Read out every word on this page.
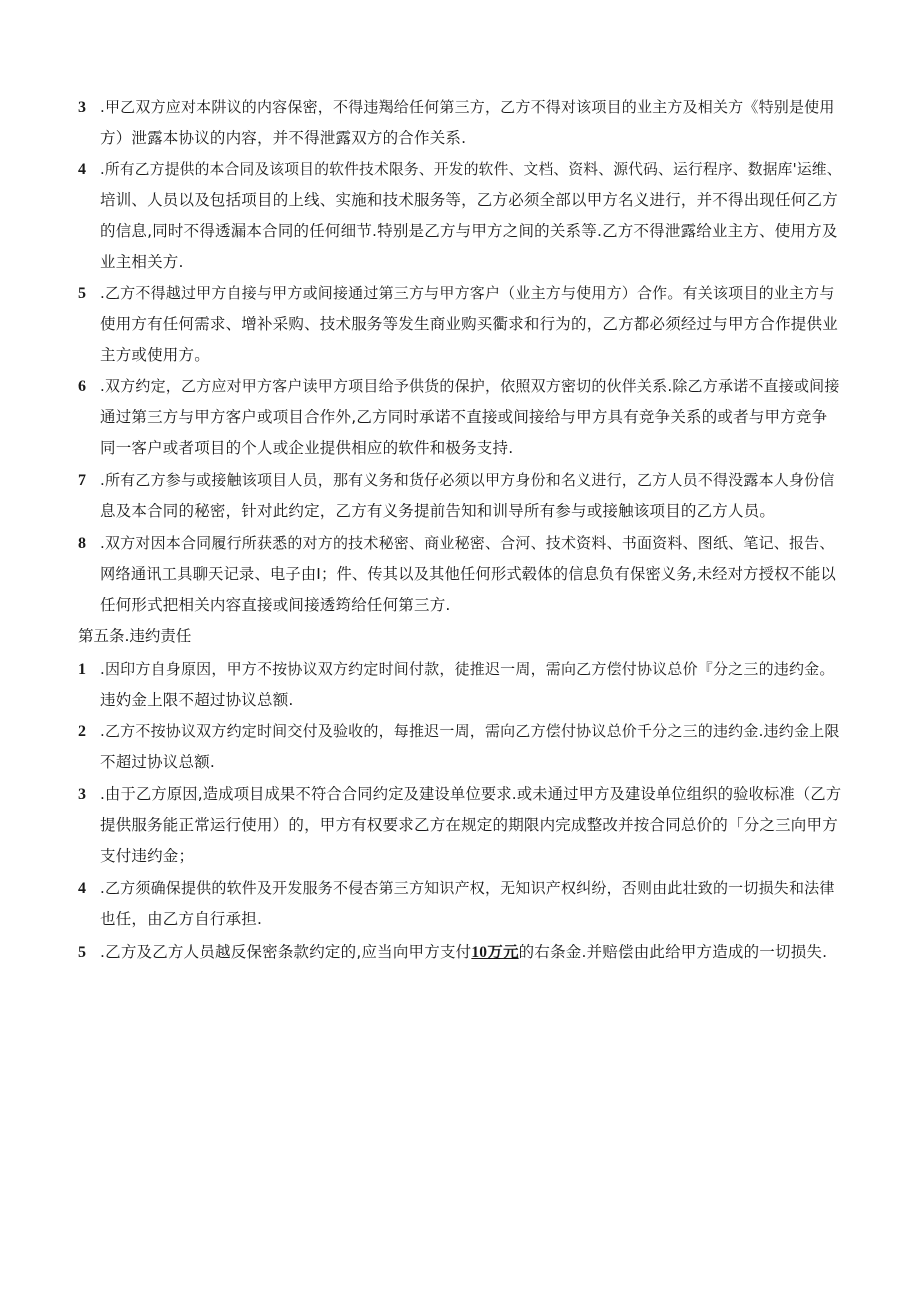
3 .甲乙双方应对本阱议的内容保密，不得违羯给任何第三方，乙方不得对该项目的业主方及相关方《特别是使用
方）泄露本协议的内容，并不得泄露双方的合作关系.
4 .所有乙方提供的本合同及该项目的软件技术限务、开发的软件、文档、资料、源代码、运行程序、数据库'运维、
培训、人员以及包括项目的上线、实施和技术服务等，乙方必须全部以甲方名义进行，并不得出现任何乙方
的信息,同时不得透漏本合同的任何细节.特别是乙方与甲方之间的关系等.乙方不得泄露给业主方、使用方及
业主相关方.
5 .乙方不得越过甲方自接与甲方或间接通过第三方与甲方客户（业主方与使用方）合作。有关该项目的业主方与
使用方有任何需求、增补采购、技术服务等发生商业购买衢求和行为的，乙方都必须经过与甲方合作提供业
主方或使用方。
6 .双方约定，乙方应对甲方客户读甲方项目给予供货的保护，依照双方密切的伙伴关系.除乙方承诺不直接或间接
通过第三方与甲方客户或项目合作外,乙方同时承诺不直接或间接给与甲方具有竞争关系的或者与甲方竞争
同一客户或者项目的个人或企业提供相应的软件和极务支持.
7 .所有乙方参与或接触该项目人员，那有义务和货仔必须以甲方身份和名义进行，乙方人员不得没露本人身份信
息及本合同的秘密，针对此约定，乙方有义务提前告知和训导所有参与或接触该项目的乙方人员。
8 .双方对因本合同履行所获悉的对方的技术秘密、商业秘密、合河、技术资料、书面资料、图纸、笔记、报告、
网络通讯工具聊天记录、电子由I；件、传其以及其他任何形式毂体的信息负有保密义务,未经对方授权不能以
任何形式把相关内容直接或间接透筠给任何第三方.
第五条.违约责任
1 .因印方自身原因，甲方不按协议双方约定时间付款，徒推迟一周，需向乙方偿付协议总价『分之三的违约金。
违妁金上限不超过协议总额.
2 .乙方不按协议双方约定时间交付及验收的，每推迟一周，需向乙方偿付协议总价千分之三的违约金.违约金上限
不超过协议总额.
3 .由于乙方原因,造成项目成果不符合合同约定及建设单位要求.或未通过甲方及建设单位组织的验收标准（乙方
提供服务能正常运行使用）的，甲方有权要求乙方在规定的期限内完成整改并按合同总价的「分之三向甲方
支付违约金；
4 .乙方须确保提供的软件及开发服务不侵杏第三方知识产权，无知识产权纠纷，否则由此壮致的一切损失和法律
也任，由乙方自行承担.
5 .乙方及乙方人员越反保密条款约定的,应当向甲方支付10万元的右条金.并赔偿由此给甲方造成的一切损失.
